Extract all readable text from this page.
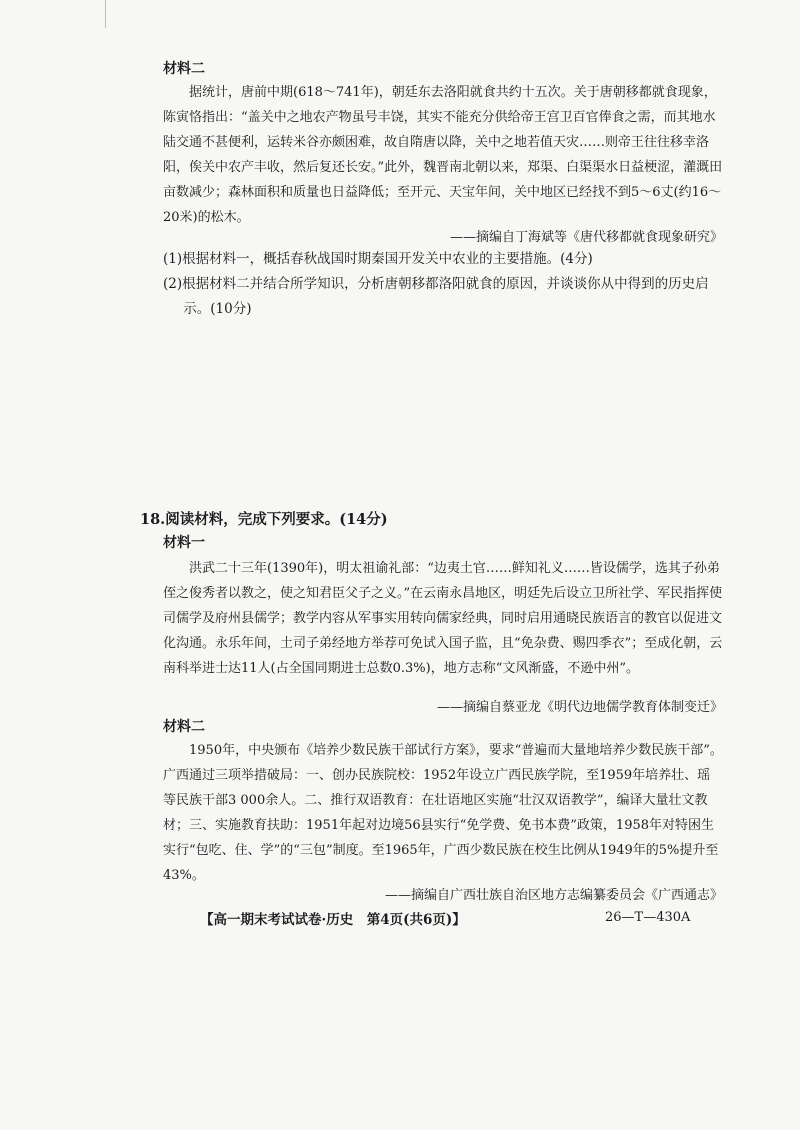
材料二

据统计，唐前中期(618～741年)，朝廷东去洛阳就食共约十五次。关于唐朝移都就食现象，陈寅恪指出：“盖关中之地农产物虽号丰饶，其实不能充分供给帝王宫卫百官俸食之需，而其地水陆交通不甚便利，运转米谷亦颇困难，故自隋唐以降，关中之地若值天灾……则帝王往往移幸洛阳，俟关中农产丰收，然后复还长安。”此外，魏晋南北朝以来，郑渠、白渠渠水日益梗涩，灌溉田亩数减少；森林面积和质量也日益降低；至开元、天宝年间，关中地区已经找不到5～6丈(约16～20米)的松木。

——摘编自丁海斌等《唐代移都就食现象研究》

(1)根据材料一，概括春秋战国时期秦国开发关中农业的主要措施。(4分)

(2)根据材料二并结合所学知识，分析唐朝移都洛阳就食的原因，并谈谈你从中得到的历史启示。(10分)

18.阅读材料，完成下列要求。(14分)
材料一

洪武二十三年(1390年)，明太祖谕礼部：“边夷土官……鲜知礼义……皆设儒学，选其子孙弟侄之俊秀者以教之，使之知君臣父子之义。”在云南永昌地区，明廷先后设立卫所社学、军民指挥使司儒学及府州县儒学；教学内容从军事实用转向儒家经典，同时启用通晓民族语言的教官以促进文化沟通。永乐年间，土司子弟经地方举荐可免试入国子监，且“免杂费、赐四季衣”；至成化朝，云南科举进士达11人(占全国同期进士总数0.3%)，地方志称“文风渐盛，不逊中州”。

——摘编自蔡亚龙《明代边地儒学教育体制变迁》
材料二

1950年，中央颁布《培养少数民族干部试行方案》，要求“普遍而大量地培养少数民族干部”。广西通过三项举措破局：一、创办民族院校：1952年设立广西民族学院，至1959年培养壮、瑶等民族干部3 000余人。二、推行双语教育：在壮语地区实施“壮汉双语教学”，编译大量壮文教材；三、实施教育扶助：1951年起对边境56县实行“免学费、免书本费”政策，1958年对特困生实行“包吃、住、学”的“三包”制度。至1965年，广西少数民族在校生比例从1949年的5%提升至43%。

——摘编自广西壮族自治区地方志编纂委员会《广西通志》
【高一期末考试试卷·历史　第4页(共6页)】	26—T—430A
